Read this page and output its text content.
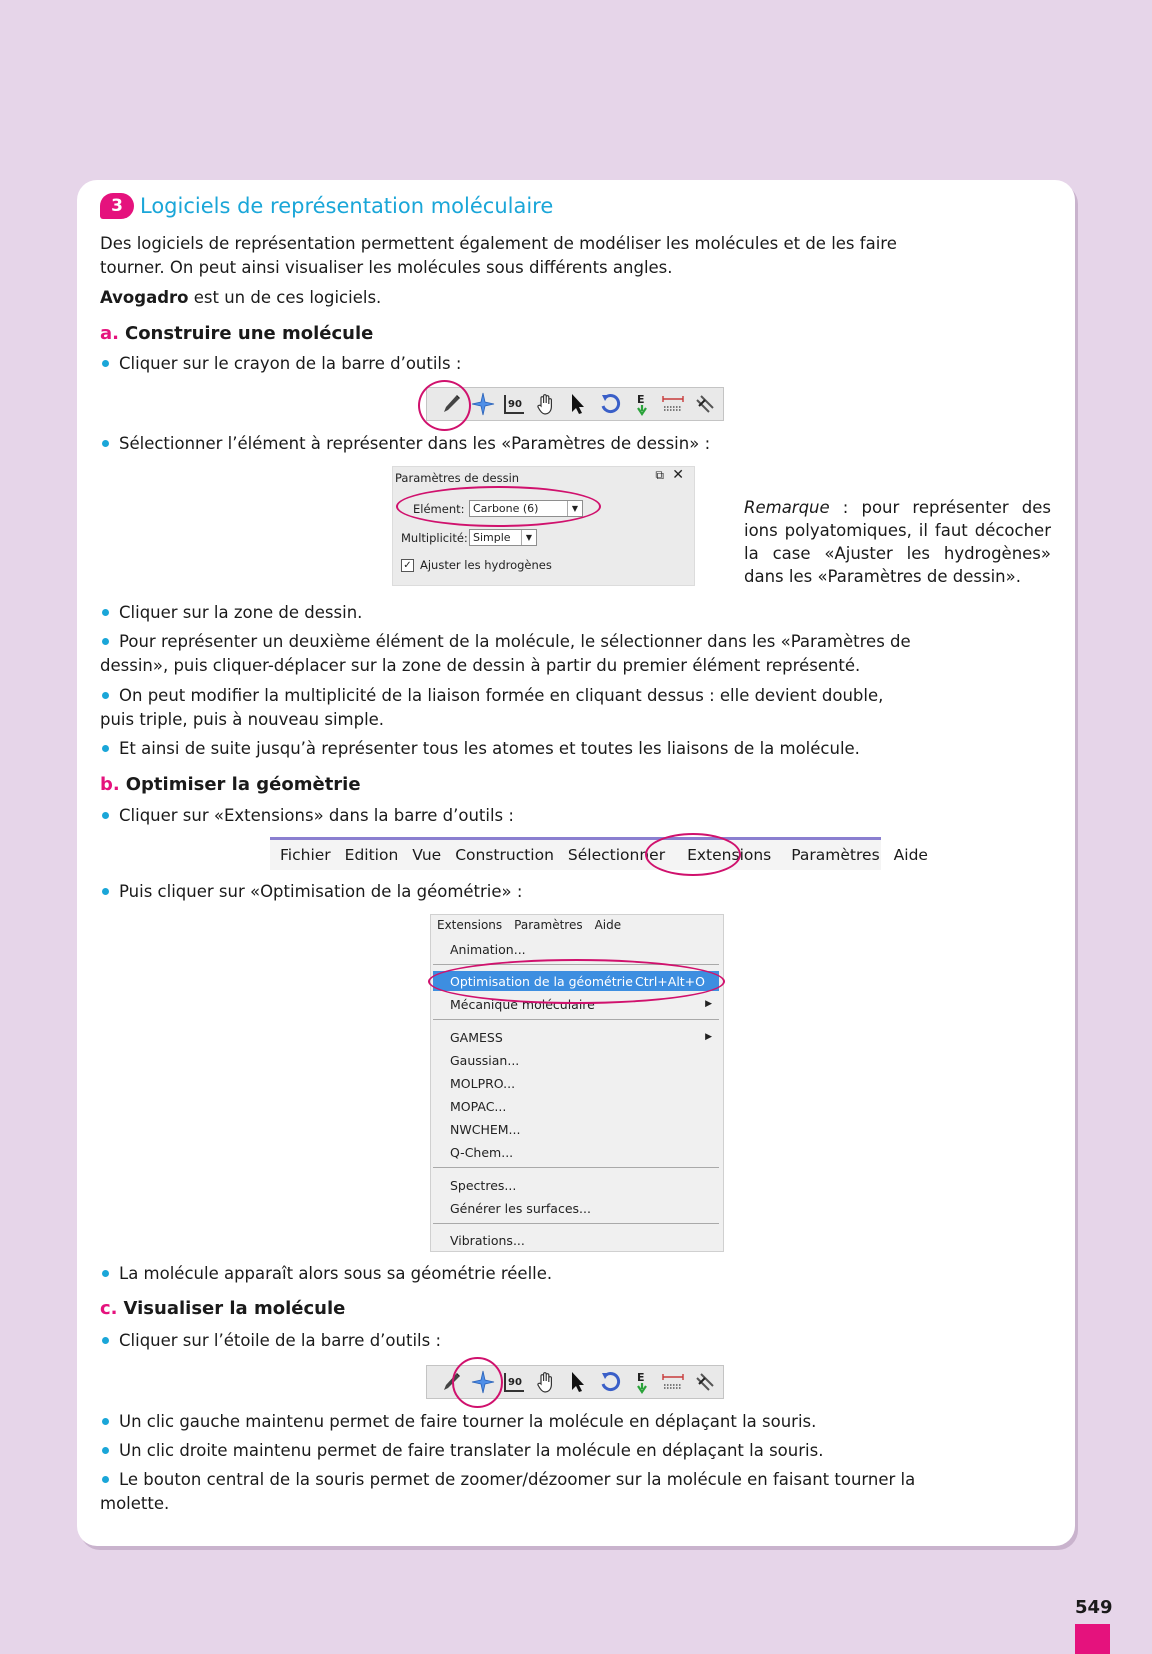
3 Logiciels de représentation moléculaire
Des logiciels de représentation permettent également de modéliser les molécules et de les faire tourner. On peut ainsi visualiser les molécules sous différents angles.
Avogadro est un de ces logiciels.
a. Construire une molécule
Cliquer sur le crayon de la barre d’outils :
90	E
Sélectionner l’élément à représenter dans les «Paramètres de dessin» :
Paramètres de dessin	⧉ ✕
Elément: Carbone (6)	▼
Multiplicité: Simple	▼
✓ Ajuster les hydrogènes
Remarque : pour représenter des ions polyatomiques, il faut décocher la case «Ajuster les hydrogènes» dans les «Paramètres de dessin».
Cliquer sur la zone de dessin.
Pour représenter un deuxième élément de la molécule, le sélectionner dans les «Paramètres de dessin», puis cliquer-déplacer sur la zone de dessin à partir du premier élément représenté.
On peut modifier la multiplicité de la liaison formée en cliquant dessus : elle devient double, puis triple, puis à nouveau simple.
Et ainsi de suite jusqu’à représenter tous les atomes et toutes les liaisons de la molécule.
b. Optimiser la géomètrie
Cliquer sur «Extensions» dans la barre d’outils :
Fichier Edition Vue Construction Sélectionner Extensions Paramètres Aide
Puis cliquer sur «Optimisation de la géométrie» :
Extensions Paramètres Aide
Animation...
Optimisation de la géométrie Ctrl+Alt+O
Mécanique moléculaire	▶
GAMESS	▶
Gaussian...
MOLPRO...
MOPAC...
NWCHEM...
Q-Chem...
Spectres...
Générer les surfaces...
Vibrations...
La molécule apparaît alors sous sa géométrie réelle.
c. Visualiser la molécule
Cliquer sur l’étoile de la barre d’outils :
90	E
Un clic gauche maintenu permet de faire tourner la molécule en déplaçant la souris.
Un clic droite maintenu permet de faire translater la molécule en déplaçant la souris.
Le bouton central de la souris permet de zoomer/dézoomer sur la molécule en faisant tourner la molette.
549
